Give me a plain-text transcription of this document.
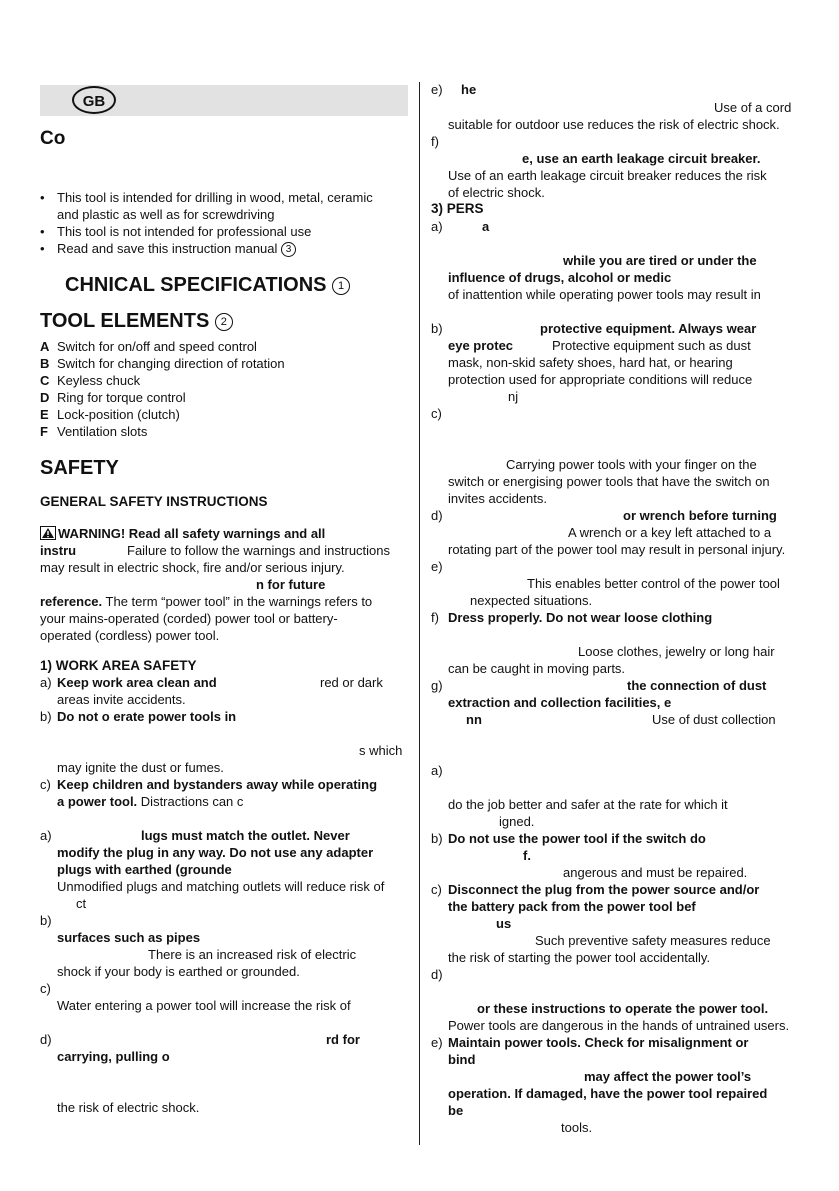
GB
Co
• This tool is intended for drilling in wood, metal, ceramic
and plastic as well as for screwdriving
• This tool is not intended for professional use
• Read and save this instruction manual 3
CHNICAL SPECIFICATIONS 1
TOOL ELEMENTS 2
A Switch for on/off and speed control
B Switch for changing direction of rotation
C Keyless chuck
D Ring for torque control
E Lock-position (clutch)
F Ventilation slots
SAFETY
GENERAL SAFETY INSTRUCTIONS
WARNING! Read all safety warnings and all
instru	Failure to follow the warnings and instructions
may result in electric shock, fire and/or serious injury.
n for future
reference. The term “power tool” in the warnings refers to
your mains-operated (corded) power tool or battery-
operated (cordless) power tool.
1) WORK AREA SAFETY
a) Keep work area clean and	red or dark
areas invite accidents.
b) Do not o erate power tools in
s which
may ignite the dust or fumes.
c) Keep children and bystanders away while operating
a power tool. Distractions can c
a)	lugs must match the outlet. Never
modify the plug in any way. Do not use any adapter
plugs with earthed (grounde
Unmodified plugs and matching outlets will reduce risk of
ct
b)
surfaces such as pipes
There is an increased risk of electric
shock if your body is earthed or grounded.
c)
Water entering a power tool will increase the risk of
d)	rd for
carrying, pulling o
the risk of electric shock.
e) he
Use of a cord
suitable for outdoor use reduces the risk of electric shock.
f)
e, use an earth leakage circuit breaker.
Use of an earth leakage circuit breaker reduces the risk
of electric shock.
3) PERS
a)	a
while you are tired or under the
influence of drugs, alcohol or medic
of inattention while operating power tools may result in
b)	protective equipment. Always wear
eye protec	Protective equipment such as dust
mask, non-skid safety shoes, hard hat, or hearing
protection used for appropriate conditions will reduce
nj
c)
Carrying power tools with your finger on the
switch or energising power tools that have the switch on
invites accidents.
d)	or wrench before turning
A wrench or a key left attached to a
rotating part of the power tool may result in personal injury.
e)
This enables better control of the power tool
nexpected situations.
f) Dress properly. Do not wear loose clothing
Loose clothes, jewelry or long hair
can be caught in moving parts.
g)	the connection of dust
extraction and collection facilities, e
nn	Use of dust collection
a)
do the job better and safer at the rate for which it
igned.
b) Do not use the power tool if the switch do
f.
angerous and must be repaired.
c) Disconnect the plug from the power source and/or
the battery pack from the power tool bef
us
Such preventive safety measures reduce
the risk of starting the power tool accidentally.
d)
or these instructions to operate the power tool.
Power tools are dangerous in the hands of untrained users.
e) Maintain power tools. Check for misalignment or
bind
may affect the power tool’s
operation. If damaged, have the power tool repaired
be
tools.
